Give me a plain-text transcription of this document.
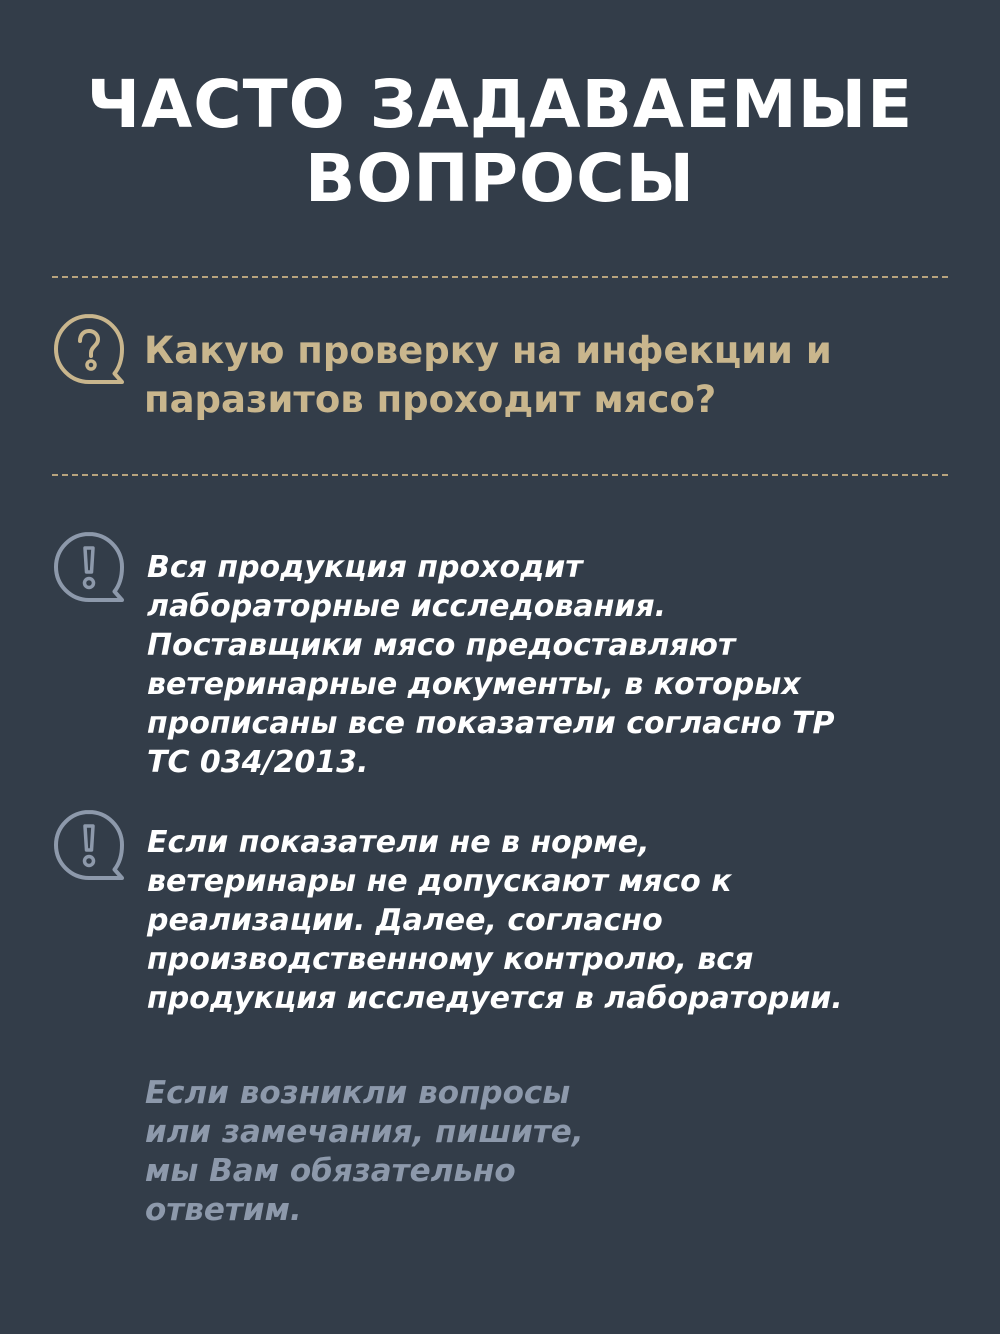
ЧАСТО ЗАДАВАЕМЫЕ
ВОПРОСЫ
Какую проверку на инфекции и
паразитов проходит мясо?
Вся продукция проходит
лабораторные исследования.
Поставщики мясо предоставляют
ветеринарные документы, в которых
прописаны все показатели согласно ТР
ТС 034/2013.
Если показатели не в норме,
ветеринары не допускают мясо к
реализации. Далее, согласно
производственному контролю, вся
продукция исследуется в лаборатории.
Если возникли вопросы
или замечания, пишите,
мы Вам обязательно
ответим.
